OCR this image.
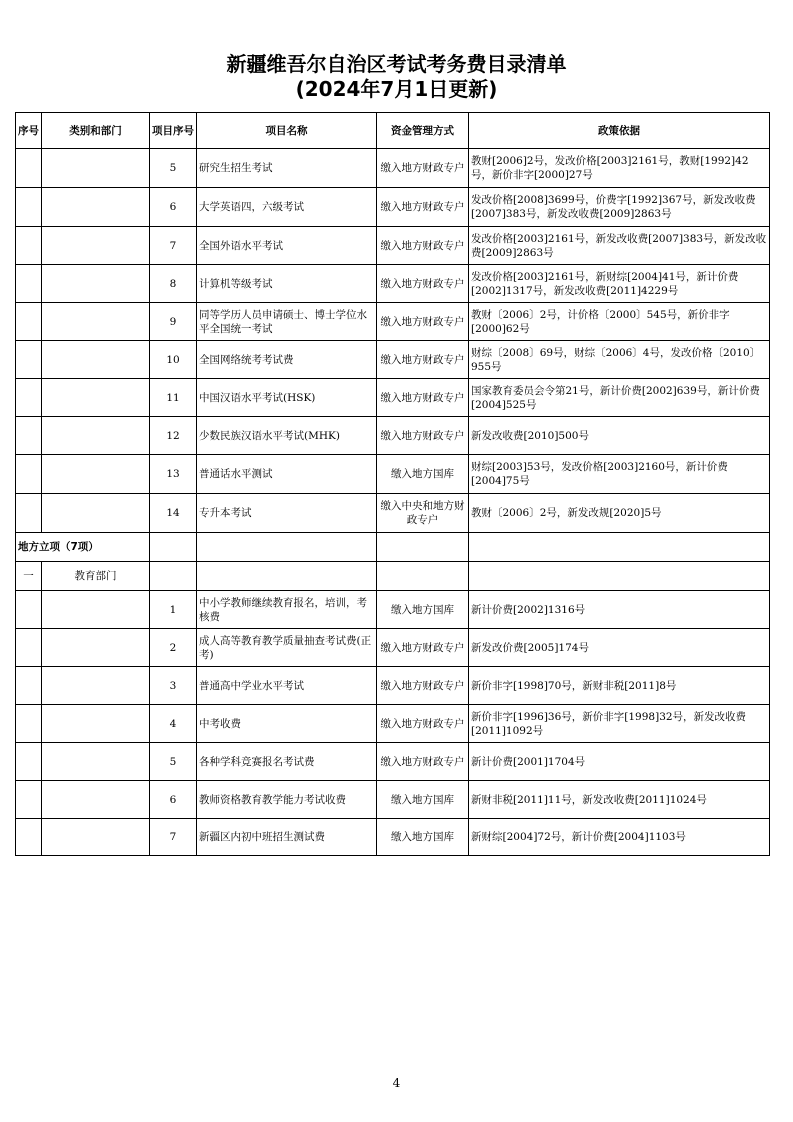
新疆维吾尔自治区考试考务费目录清单
(2024年7月1日更新)
序号	类别和部门	项目序号	项目名称	资金管理方式	政策依据
		5	研究生招生考试	缴入地方财政专户	教财[2006]2号，发改价格[2003]2161号，教财[1992]42号，新价非字[2000]27号
		6	大学英语四，六级考试	缴入地方财政专户	发改价格[2008]3699号，价费字[1992]367号，新发改收费[2007]383号，新发改收费[2009]2863号
		7	全国外语水平考试	缴入地方财政专户	发改价格[2003]2161号，新发改收费[2007]383号，新发改收费[2009]2863号
		8	计算机等级考试	缴入地方财政专户	发改价格[2003]2161号，新财综[2004]41号，新计价费[2002]1317号，新发改收费[2011]4229号
		9	同等学历人员申请硕士、博士学位水平全国统一考试	缴入地方财政专户	教财〔2006〕2号，计价格〔2000〕545号，新价非字[2000]62号
		10	全国网络统考考试费	缴入地方财政专户	财综〔2008〕69号，财综〔2006〕4号，发改价格〔2010〕955号
		11	中国汉语水平考试(HSK)	缴入地方财政专户	国家教育委员会令第21号，新计价费[2002]639号，新计价费[2004]525号
		12	少数民族汉语水平考试(MHK)	缴入地方财政专户	新发改收费[2010]500号
		13	普通话水平测试	缴入地方国库	财综[2003]53号，发改价格[2003]2160号，新计价费[2004]75号
		14	专升本考试	缴入中央和地方财政专户	教财〔2006〕2号，新发改规[2020]5号
地方立项（7项）					
一	教育部门				
		1	中小学教师继续教育报名，培训，考核费	缴入地方国库	新计价费[2002]1316号
		2	成人高等教育教学质量抽查考试费(正考)	缴入地方财政专户	新发改价费[2005]174号
		3	普通高中学业水平考试	缴入地方财政专户	新价非字[1998]70号，新财非税[2011]8号
		4	中考收费	缴入地方财政专户	新价非字[1996]36号，新价非字[1998]32号，新发改收费[2011]1092号
		5	各种学科竞赛报名考试费	缴入地方财政专户	新计价费[2001]1704号
		6	教师资格教育教学能力考试收费	缴入地方国库	新财非税[2011]11号，新发改收费[2011]1024号
		7	新疆区内初中班招生测试费	缴入地方国库	新财综[2004]72号，新计价费[2004]1103号
4
